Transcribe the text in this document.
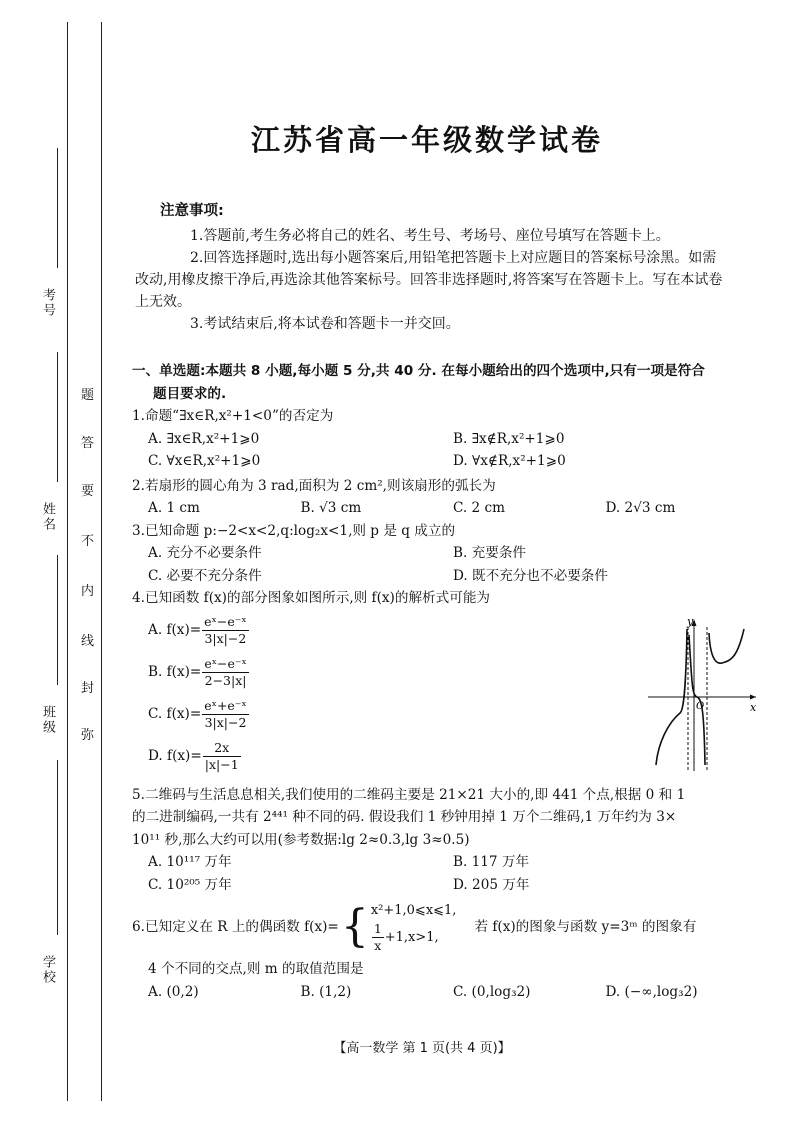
考号
姓名
班级
学校
题
答
要
不
内
线
封
弥
江苏省高一年级数学试卷
注意事项:

1.答题前,考生务必将自己的姓名、考生号、考场号、座位号填写在答题卡上。

2.回答选择题时,选出每小题答案后,用铅笔把答题卡上对应题目的答案标号涂黑。如需改动,用橡皮擦干净后,再选涂其他答案标号。回答非选择题时,将答案写在答题卡上。写在本试卷上无效。

3.考试结束后,将本试卷和答题卡一并交回。

一、单选题:本题共 8 小题,每小题 5 分,共 40 分. 在每小题给出的四个选项中,只有一项是符合
题目要求的.
1.命题“∃x∈R,x²+1<0”的否定为
A. ∃x∈R,x²+1⩾0	B. ∃x∉R,x²+1⩾0
C. ∀x∈R,x²+1⩾0	D. ∀x∉R,x²+1⩾0
2.若扇形的圆心角为 3 rad,面积为 2 cm²,则该扇形的弧长为
A. 1 cm	B. √3 cm	C. 2 cm	D. 2√3 cm
3.已知命题 p:−2<x<2,q:log₂x<1,则 p 是 q 成立的
A. 充分不必要条件	B. 充要条件
C. 必要不充分条件	D. 既不充分也不必要条件
4.已知函数 f(x)的部分图象如图所示,则 f(x)的解析式可能为
A. $f(x)= \frac{\text{eˣ−e⁻ˣ}}{3|x|-2}$
B. $f(x)= \frac{\text{eˣ−e⁻ˣ}}{2-3|x|}$
C. $f(x)= \frac{\text{eˣ+e⁻ˣ}}{3|x|-2}$
D. $f(x)= \frac{2x}{|x|-1}$
x
y
O
5.二维码与生活息息相关,我们使用的二维码主要是 21×21 大小的,即 441 个点,根据 0 和 1
的二进制编码,一共有 2⁴⁴¹ 种不同的码. 假设我们 1 秒钟用掉 1 万个二维码,1 万年约为 3×
10¹¹ 秒,那么大约可以用(参考数据:lg 2≈0.3,lg 3≈0.5)
A. 10¹¹⁷ 万年	B. 117 万年
C. 10²⁰⁵ 万年	D. 205 万年
6.已知定义在 R 上的偶函数 f(x)= { x²+1,0⩽x⩽1,
$\frac{1}{x} +1,x>1$,
若 f(x)的图象与函数 y=3ᵐ 的图象有
4 个不同的交点,则 m 的取值范围是
A. (0,2)	B. (1,2)	C. (0,log₃2)	D. (−∞,log₃2)
【高一数学 第 1 页(共 4 页)】
